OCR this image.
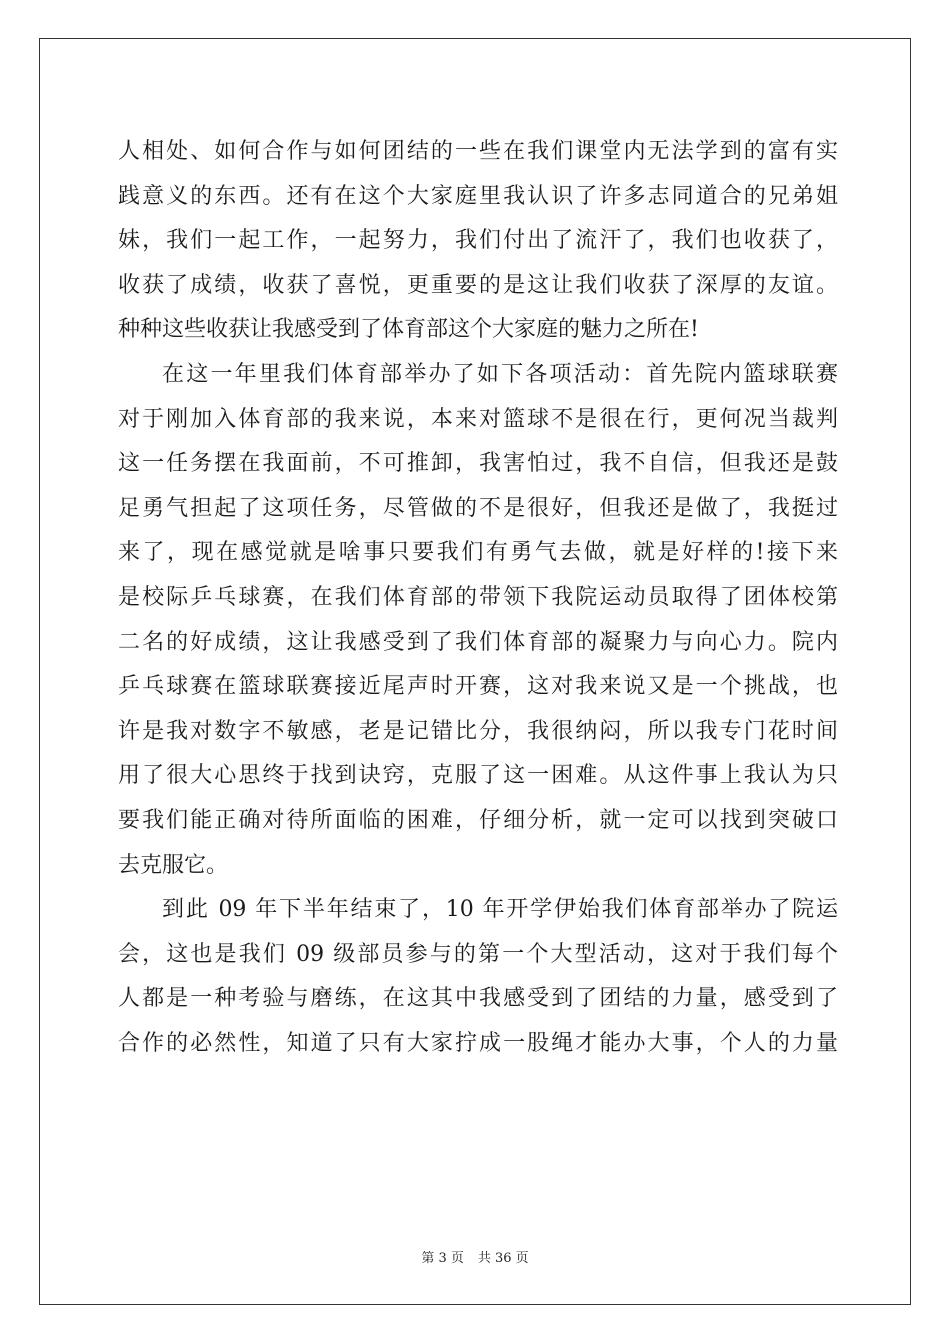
人相处、如何合作与如何团结的一些在我们课堂内无法学到的富有实
践意义的东西。还有在这个大家庭里我认识了许多志同道合的兄弟姐
妹，我们一起工作，一起努力，我们付出了流汗了，我们也收获了，
收获了成绩，收获了喜悦，更重要的是这让我们收获了深厚的友谊。
种种这些收获让我感受到了体育部这个大家庭的魅力之所在!
在这一年里我们体育部举办了如下各项活动：首先院内篮球联赛
对于刚加入体育部的我来说，本来对篮球不是很在行，更何况当裁判
这一任务摆在我面前，不可推卸，我害怕过，我不自信，但我还是鼓
足勇气担起了这项任务，尽管做的不是很好，但我还是做了，我挺过
来了，现在感觉就是啥事只要我们有勇气去做，就是好样的!接下来
是校际乒乓球赛，在我们体育部的带领下我院运动员取得了团体校第
二名的好成绩，这让我感受到了我们体育部的凝聚力与向心力。院内
乒乓球赛在篮球联赛接近尾声时开赛，这对我来说又是一个挑战，也
许是我对数字不敏感，老是记错比分，我很纳闷，所以我专门花时间
用了很大心思终于找到诀窍，克服了这一困难。从这件事上我认为只
要我们能正确对待所面临的困难，仔细分析，就一定可以找到突破口
去克服它。
到此 09 年下半年结束了，10 年开学伊始我们体育部举办了院运
会，这也是我们 09 级部员参与的第一个大型活动，这对于我们每个
人都是一种考验与磨练，在这其中我感受到了团结的力量，感受到了
合作的必然性，知道了只有大家拧成一股绳才能办大事，个人的力量
第 3 页 共 36 页
